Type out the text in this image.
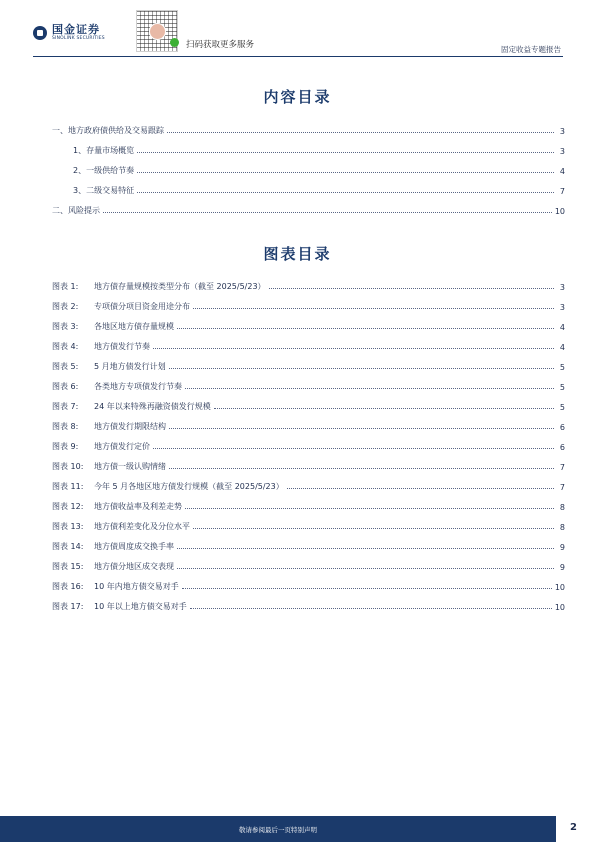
国金证券
SINOLINK SECURITIES
扫码获取更多服务	固定收益专题报告
内容目录
一、地方政府债供给及交易跟踪	3
1、存量市场概览	3
2、一级供给节奏	4
3、二级交易特征	7
二、风险提示	10
图表目录
图表 1:	地方债存量规模按类型分布（截至 2025/5/23）	3
图表 2:	专项债分项目资金用途分布	3
图表 3:	各地区地方债存量规模	4
图表 4:	地方债发行节奏	4
图表 5:	5 月地方债发行计划	5
图表 6:	各类地方专项债发行节奏	5
图表 7:	24 年以来特殊再融资债发行规模	5
图表 8:	地方债发行期限结构	6
图表 9:	地方债发行定价	6
图表 10:	地方债一级认购情绪	7
图表 11:	今年 5 月各地区地方债发行规模（截至 2025/5/23）	7
图表 12:	地方债收益率及利差走势	8
图表 13:	地方债利差变化及分位水平	8
图表 14:	地方债周度成交换手率	9
图表 15:	地方债分地区成交表现	9
图表 16:	10 年内地方债交易对手	10
图表 17:	10 年以上地方债交易对手	10
敬请参阅最后一页特别声明	2
